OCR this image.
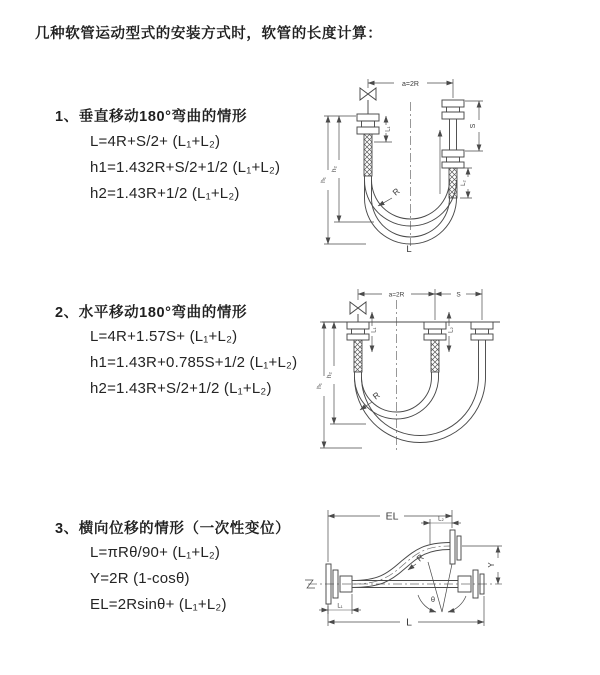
几种软管运动型式的安装方式时，软管的长度计算：
1、垂直移动180°弯曲的情形
L=4R+S/2+ (L₁+L₂)
h1=1.432R+S/2+1/2 (L₁+L₂)
h2=1.43R+1/2 (L₁+L₂)
a=2R
S
L₂
h₁
h₂
L₁
R
L
2、水平移动180°弯曲的情形
L=4R+1.57S+ (L₁+L₂)
h1=1.43R+0.785S+1/2 (L₁+L₂)
h2=1.43R+S/2+1/2 (L₁+L₂)
a=2R	S
L₁	L₂
h₁
h₂
R
3、横向位移的情形（一次性变位）
L=πRθ/90+ (L₁+L₂)
Y=2R (1-cosθ)
EL=2Rsinθ+ (L₁+L₂)
EL	L₂
Y
L
L₁
R
θ
